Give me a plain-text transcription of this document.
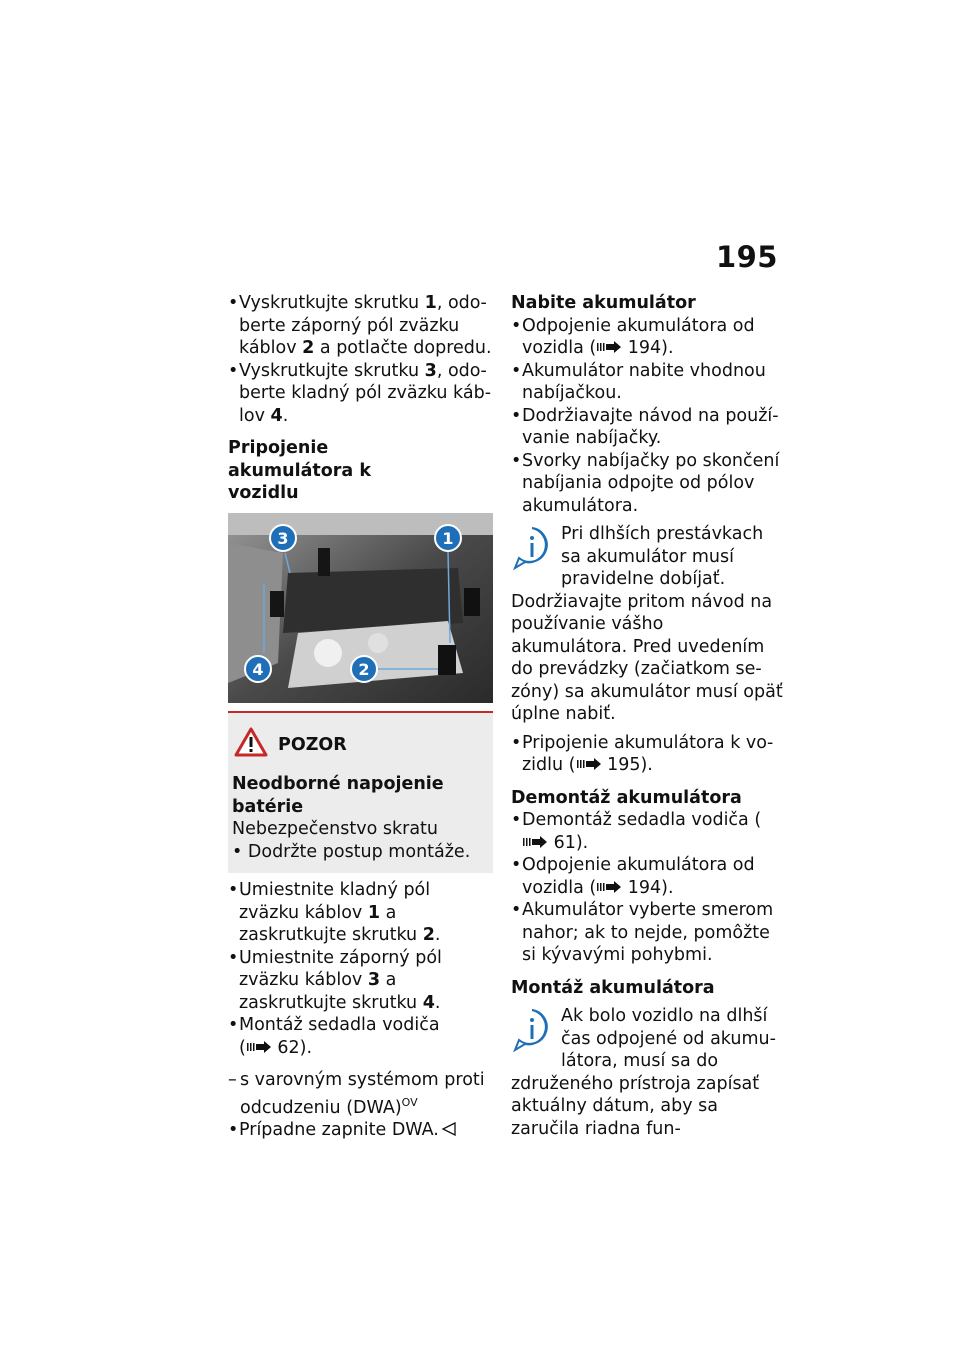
195

• Vyskrutkujte skrutku 1, odoberte záporný pól zväzku káblov 2 a potlačte dopredu.

• Vyskrutkujte skrutku 3, odoberte kladný pól zväzku káblov 4.

Pripojenie akumulátora k vozidlu

1
2
3
4
POZOR

Neodborné napojenie batérie

Nebezpečenstvo skratu

• Dodržte postup montáže.

• Umiestnite kladný pól zväzku káblov 1 a zaskrutkujte skrutku 2.

• Umiestnite záporný pól zväzku káblov 3 a zaskrutkujte skrutku 4.

• Montáž sedadla vodiča
( 62).

– s varovným systémom proti odcudzeniu (DWA)$^{OV}$

• Prípadne zapnite DWA.

Nabite akumulátor

• Odpojenie akumulátora od vozidla ( 194).

• Akumulátor nabite vhodnou nabíjačkou.

• Dodržiavajte návod na používanie nabíjačky.

• Svorky nabíjačky po skončení nabíjania odpojte od pólov akumulátora.

Pri dlhších prestávkach sa akumulátor musí pravidelne dobíjať. Dodržiavajte pritom návod na používanie vášho akumulátora. Pred uvedením do prevádzky (začiatkom sezóny) sa akumulátor musí opäť úplne nabiť.

• Pripojenie akumulátora k vozidlu ( 195).

Demontáž akumulátora

• Demontáž sedadla vodiča ( 61).

• Odpojenie akumulátora od vozidla ( 194).

• Akumulátor vyberte smerom nahor; ak to nejde, pomôžte si kývavými pohybmi.

Montáž akumulátora

Ak bolo vozidlo na dlhší čas odpojené od akumulátora, musí sa do združeného prístroja zapísať aktuálny dátum, aby sa zaručila riadna fun-
